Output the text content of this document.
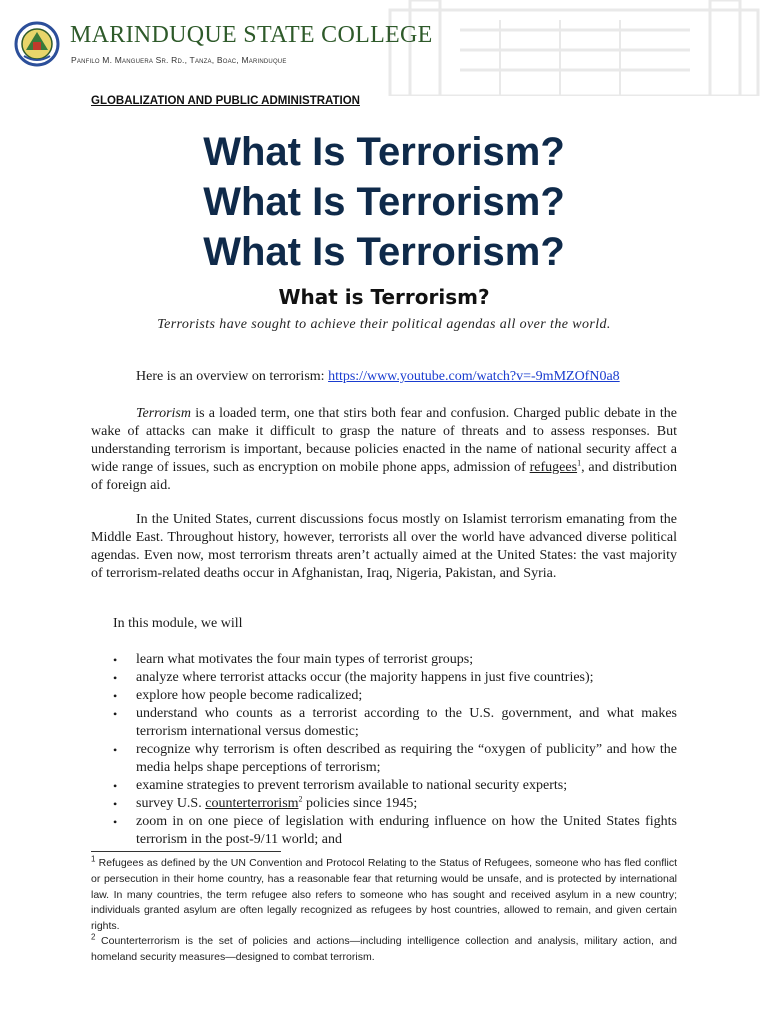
MARINDUQUE STATE COLLEGE
Panfilo M. Manguera Sr. Rd., Tanza, Boac, Marinduque
GLOBALIZATION AND PUBLIC ADMINISTRATION
What Is Terrorism?
What Is Terrorism?
What Is Terrorism?
What is Terrorism?
Terrorists have sought to achieve their political agendas all over the world.
Here is an overview on terrorism: https://www.youtube.com/watch?v=-9mMZOfN0a8

Terrorism is a loaded term, one that stirs both fear and confusion. Charged public debate in the wake of attacks can make it difficult to grasp the nature of threats and to assess responses. But understanding terrorism is important, because policies enacted in the name of national security affect a wide range of issues, such as encryption on mobile phone apps, admission of refugees$^1$, and distribution of foreign aid.

In the United States, current discussions focus mostly on Islamist terrorism emanating from the Middle East. Throughout history, however, terrorists all over the world have advanced diverse political agendas. Even now, most terrorism threats aren’t actually aimed at the United States: the vast majority of terrorism-related deaths occur in Afghanistan, Iraq, Nigeria, Pakistan, and Syria.

In this module, we will
• learn what motivates the four main types of terrorist groups;
• analyze where terrorist attacks occur (the majority happens in just five countries);
• explore how people become radicalized;
• understand who counts as a terrorist according to the U.S. government, and what makes terrorism international versus domestic;
• recognize why terrorism is often described as requiring the “oxygen of publicity” and how the media helps shape perceptions of terrorism;
• examine strategies to prevent terrorism available to national security experts;
• survey U.S. counterterrorism$^2$ policies since 1945;
• zoom in on one piece of legislation with enduring influence on how the United States fights terrorism in the post-9/11 world; and

$^1$ Refugees as defined by the UN Convention and Protocol Relating to the Status of Refugees, someone who has fled conflict or persecution in their home country, has a reasonable fear that returning would be unsafe, and is protected by international law. In many countries, the term refugee also refers to someone who has sought and received asylum in a new country; individuals granted asylum are often legally recognized as refugees by host countries, allowed to remain, and given certain rights.

$^2$ Counterterrorism is the set of policies and actions—including intelligence collection and analysis, military action, and homeland security measures—designed to combat terrorism.
